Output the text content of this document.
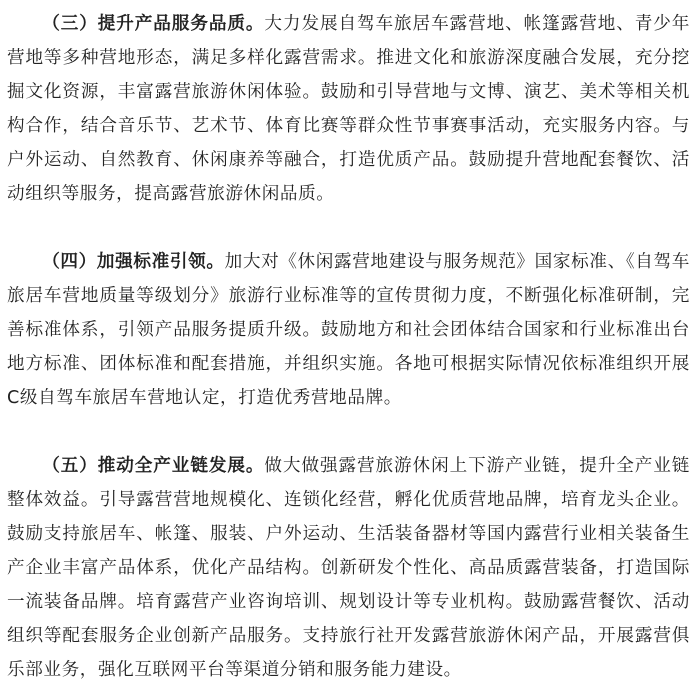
（三）提升产品服务品质。大力发展自驾车旅居车露营地、帐篷露营地、青少年营地等多种营地形态，满足多样化露营需求。推进文化和旅游深度融合发展，充分挖掘文化资源，丰富露营旅游休闲体验。鼓励和引导营地与文博、演艺、美术等相关机构合作，结合音乐节、艺术节、体育比赛等群众性节事赛事活动，充实服务内容。与户外运动、自然教育、休闲康养等融合，打造优质产品。鼓励提升营地配套餐饮、活动组织等服务，提高露营旅游休闲品质。

（四）加强标准引领。加大对《休闲露营地建设与服务规范》国家标准、《自驾车旅居车营地质量等级划分》旅游行业标准等的宣传贯彻力度，不断强化标准研制，完善标准体系，引领产品服务提质升级。鼓励地方和社会团体结合国家和行业标准出台地方标准、团体标准和配套措施，并组织实施。各地可根据实际情况依标准组织开展C级自驾车旅居车营地认定，打造优秀营地品牌。

（五）推动全产业链发展。做大做强露营旅游休闲上下游产业链，提升全产业链整体效益。引导露营营地规模化、连锁化经营，孵化优质营地品牌，培育龙头企业。鼓励支持旅居车、帐篷、服装、户外运动、生活装备器材等国内露营行业相关装备生产企业丰富产品体系，优化产品结构。创新研发个性化、高品质露营装备，打造国际一流装备品牌。培育露营产业咨询培训、规划设计等专业机构。鼓励露营餐饮、活动组织等配套服务企业创新产品服务。支持旅行社开发露营旅游休闲产品，开展露营俱乐部业务，强化互联网平台等渠道分销和服务能力建设。
